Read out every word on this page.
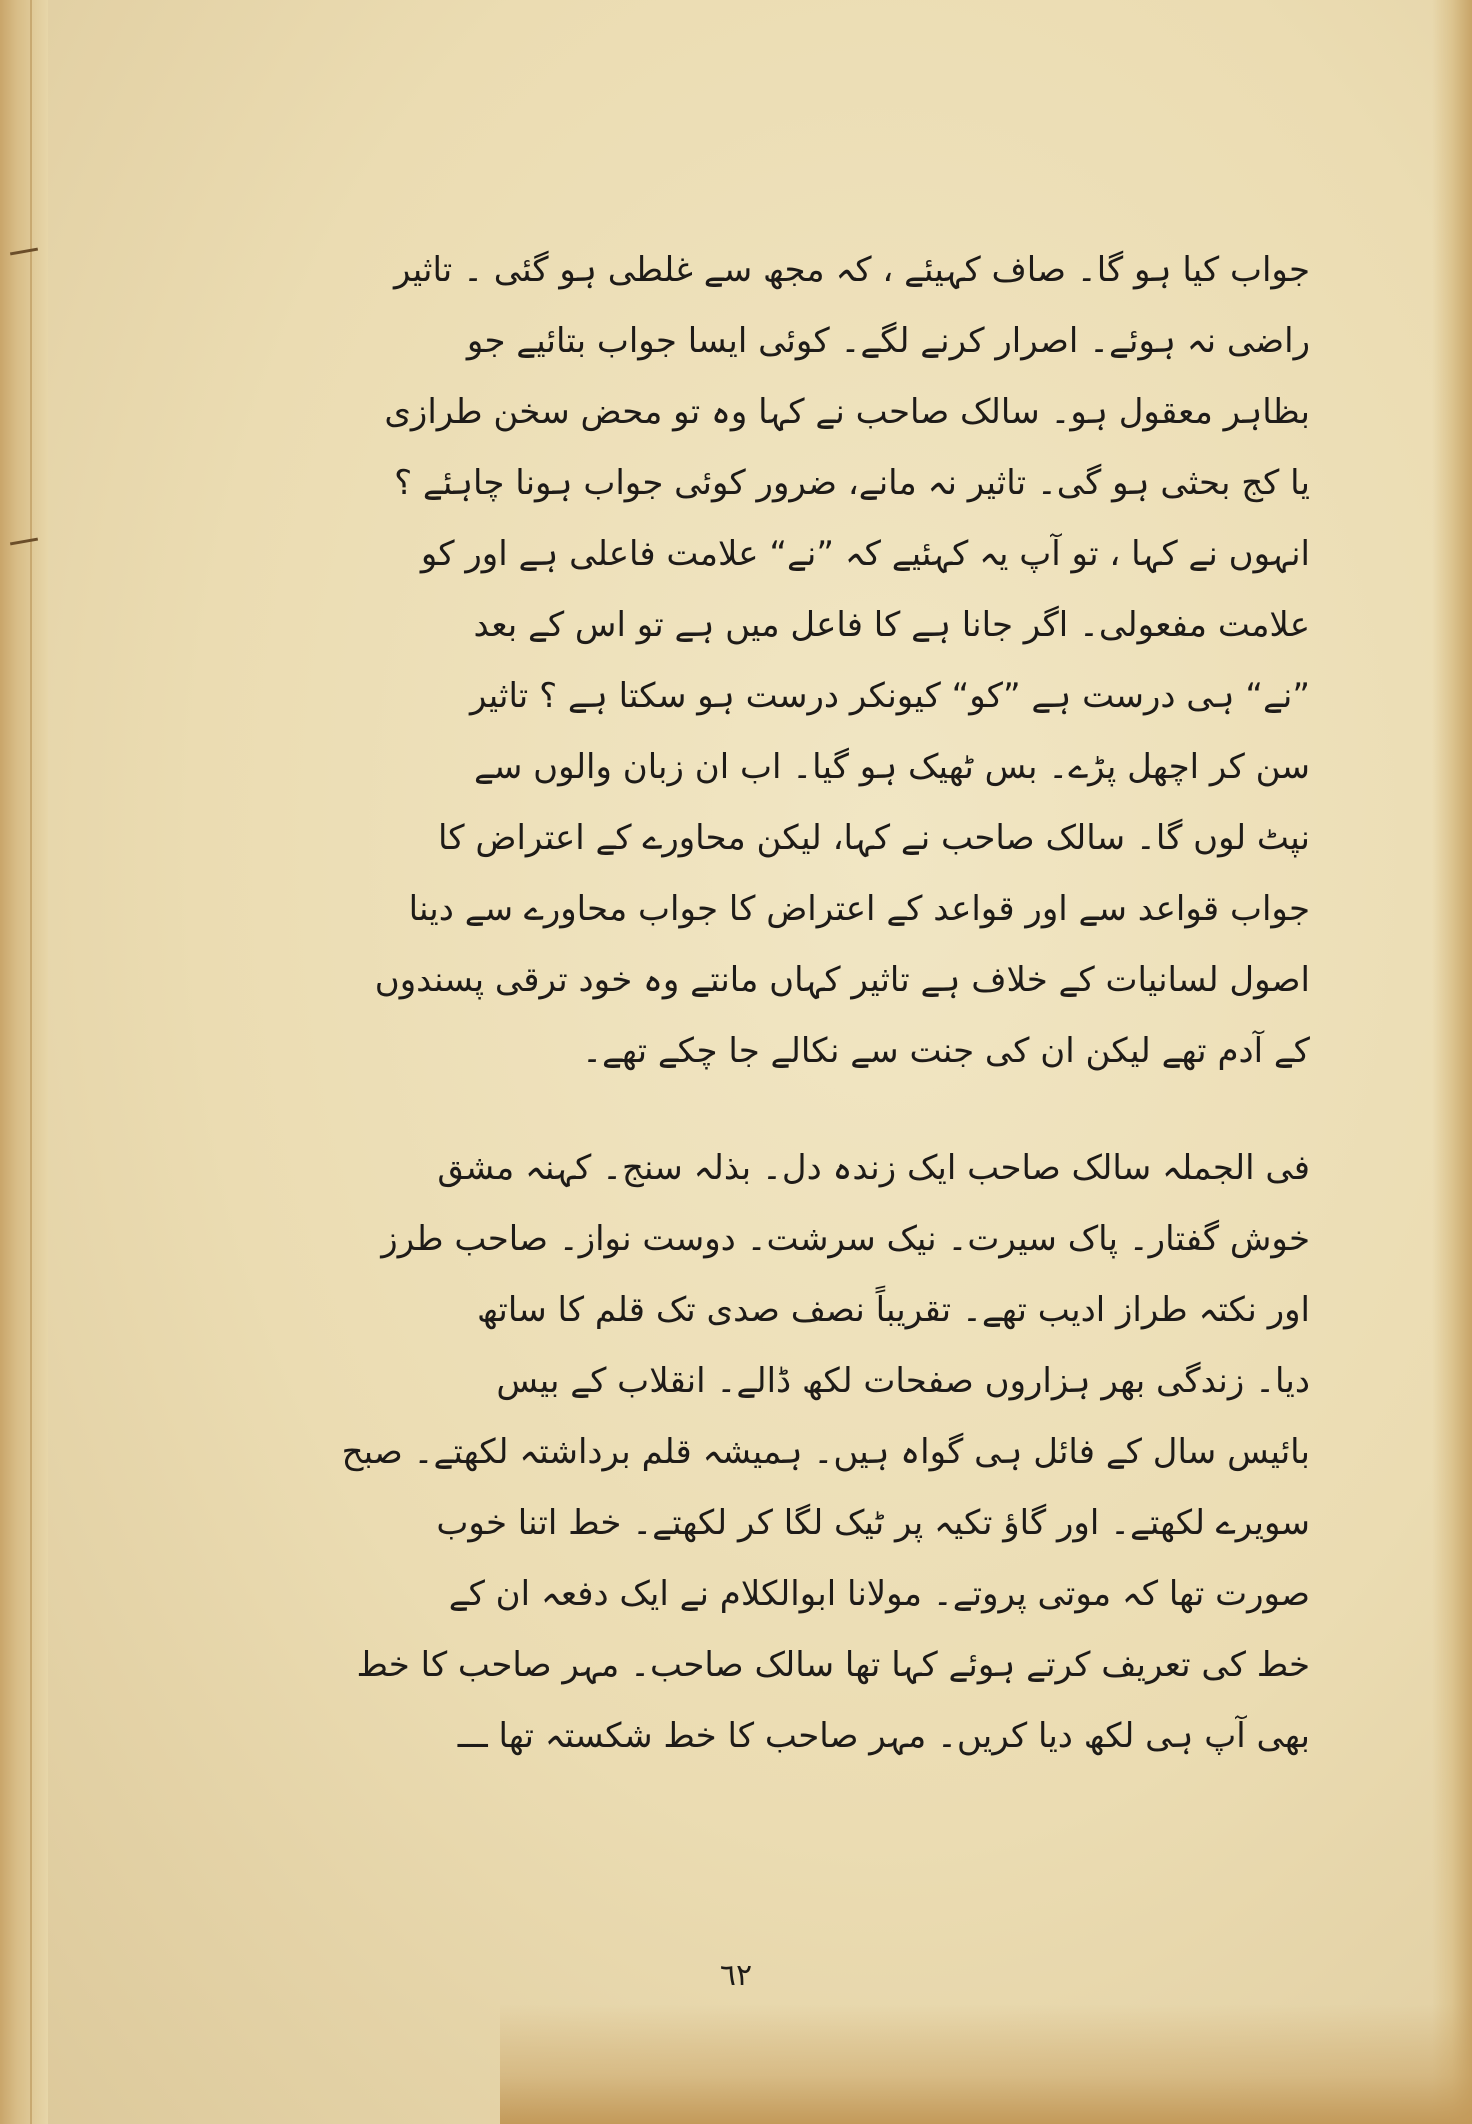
جواب کیا ہو گا۔ صاف کہیئے ، کہ مجھ سے غلطی ہو گئی ۔ تاثیر
راضی نہ ہوئے۔ اصرار کرنے لگے۔ کوئی ایسا جواب بتائیے جو
بظاہر معقول ہو۔ سالک صاحب نے کہا وہ تو محض سخن طرازی
یا کج بحثی ہو گی۔ تاثیر نہ مانے، ضرور کوئی جواب ہونا چاہئے ؟
انہوں نے کہا ، تو آپ یہ کہئیے کہ ”نے“ علامت فاعلی ہے اور کو
علامت مفعولی۔ اگر جانا ہے کا فاعل میں ہے تو اس کے بعد
”نے“ ہی درست ہے ”کو“ کیونکر درست ہو سکتا ہے ؟ تاثیر
سن کر اچھل پڑے۔ بس ٹھیک ہو گیا۔ اب ان زبان والوں سے
نپٹ لوں گا۔ سالک صاحب نے کہا، لیکن محاورے کے اعتراض کا
جواب قواعد سے اور قواعد کے اعتراض کا جواب محاورے سے دینا
اصول لسانیات کے خلاف ہے تاثیر کہاں مانتے وہ خود ترقی پسندوں
کے آدم تھے لیکن ان کی جنت سے نکالے جا چکے تھے۔
فی الجملہ سالک صاحب ایک زندہ دل۔ بذلہ سنج۔ کہنہ مشق
خوش گفتار۔ پاک سیرت۔ نیک سرشت۔ دوست نواز۔ صاحب طرز
اور نکتہ طراز ادیب تھے۔ تقریباً نصف صدی تک قلم کا ساتھ
دیا۔ زندگی بھر ہزاروں صفحات لکھ ڈالے۔ انقلاب کے بیس
بائیس سال کے فائل ہی گواہ ہیں۔ ہمیشہ قلم برداشتہ لکھتے۔ صبح
سویرے لکھتے۔ اور گاؤ تکیہ پر ٹیک لگا کر لکھتے۔ خط اتنا خوب
صورت تھا کہ موتی پروتے۔ مولانا ابوالکلام نے ایک دفعہ ان کے
خط کی تعریف کرتے ہوئے کہا تھا سالک صاحب۔ مہر صاحب کا خط
بھی آپ ہی لکھ دیا کریں۔ مہر صاحب کا خط شکستہ تھا ـــ
٦٢
